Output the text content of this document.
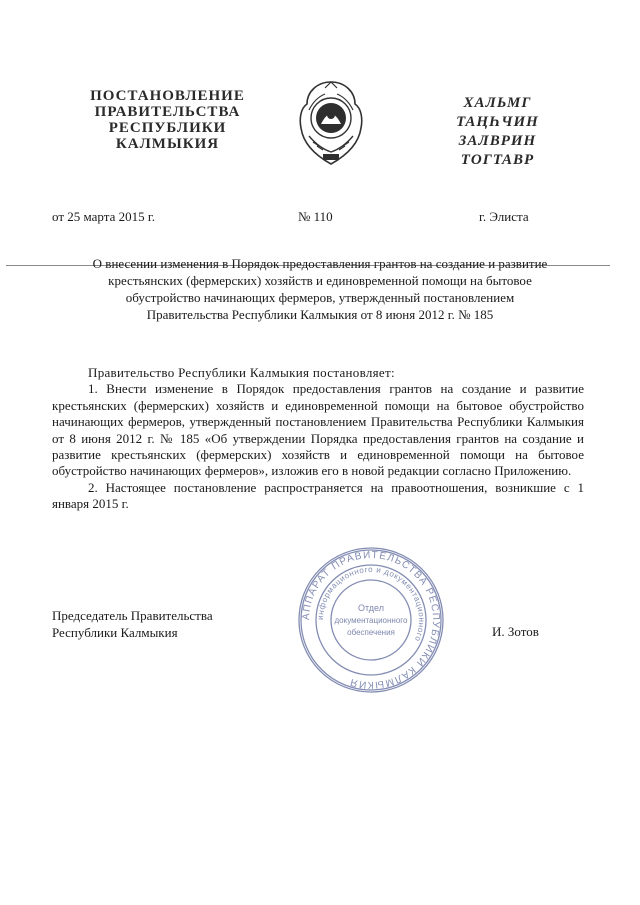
ПОСТАНОВЛЕНИЕ
ПРАВИТЕЛЬСТВА
РЕСПУБЛИКИ
КАЛМЫКИЯ
ХАЛЬМГ
ТАҢҺЧИН
ЗАЛВРИН
ТОГТАВР
от 25 марта 2015 г.	№ 110	г. Элиста
О внесении изменения в Порядок предоставления грантов на создание и развитие
крестьянских (фермерских) хозяйств и единовременной помощи на бытовое
обустройство начинающих фермеров, утвержденный постановлением
Правительства Республики Калмыкия от 8 июня 2012 г. № 185

Правительство Республики Калмыкия постановляет:

1. Внести изменение в Порядок предоставления грантов на создание и развитие крестьянских (фермерских) хозяйств и единовременной помощи на бытовое обустройство начинающих фермеров, утвержденный постановлением Правительства Республики Калмыкия от 8 июня 2012 г. № 185 «Об утверждении Порядка предоставления грантов на создание и развитие крестьянских (фермерских) хозяйств и единовременной помощи на бытовое обустройство начинающих фермеров», изложив его в новой редакции согласно Приложению.

2. Настоящее постановление распространяется на правоотношения, возникшие с 1 января 2015 г.

Председатель Правительства
Республики Калмыкия
АППАРАТ ПРАВИТЕЛЬСТВА РЕСПУБЛИКИ КАЛМЫКИЯ
информационного и документационного
Отдел
документационного
обеспечения	И. Зотов
